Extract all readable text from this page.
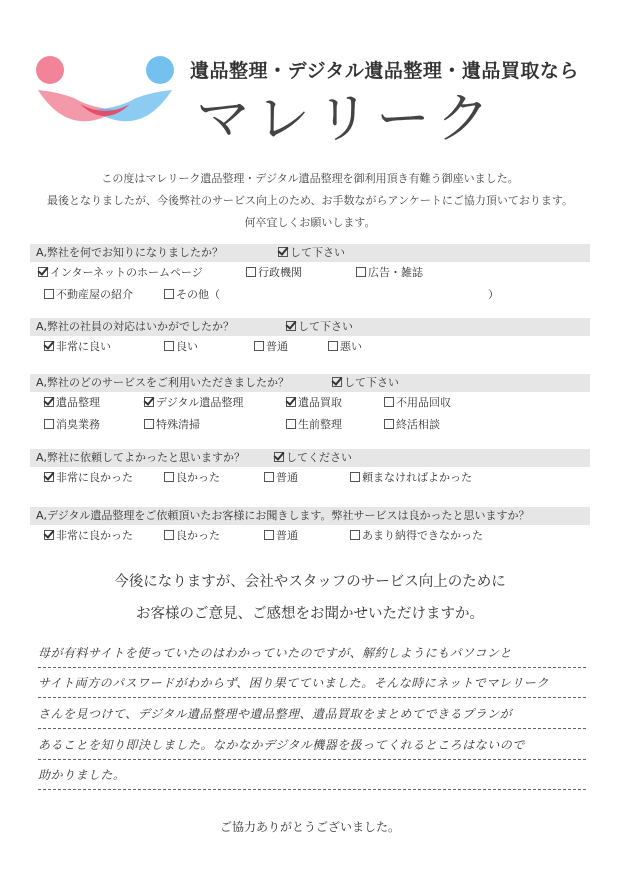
遺品整理・デジタル遺品整理・遺品買取なら
マレリーク
この度はマレリーク遺品整理・デジタル遺品整理を御利用頂き有難う御座いました。
最後となりましたが、今後弊社のサービス向上のため、お手数ながらアンケートにご協力頂いております。
何卒宜しくお願いします。
A,弊社を何でお知りになりましたか？	して下さい
インターネットのホームページ	行政機関	広告・雑誌
不動産屋の紹介	その他（	）
A,弊社の社員の対応はいかがでしたか？	して下さい
非常に良い	良い	普通	悪い
A,弊社のどのサービスをご利用いただきましたか？	して下さい
遺品整理	デジタル遺品整理	遺品買取	不用品回収
消臭業務	特殊清掃	生前整理	終活相談
A,弊社に依頼してよかったと思いますか？	してください
非常に良かった	良かった	普通	頼まなければよかった
A,デジタル遺品整理をご依頼頂いたお客様にお聞きします。弊社サービスは良かったと思いますか？
非常に良かった	良かった	普通	あまり納得できなかった
今後になりますが、会社やスタッフのサービス向上のために
お客様のご意見、ご感想をお聞かせいただけますか。
母が有料サイトを使っていたのはわかっていたのですが、解約しようにもパソコンと
サイト両方のパスワードがわからず、困り果てていました。そんな時にネットでマレリーク
さんを見つけて、デジタル遺品整理や遺品整理、遺品買取をまとめてできるプランが
あることを知り即決しました。なかなかデジタル機器を扱ってくれるところはないので
助かりました。
ご協力ありがとうございました。
